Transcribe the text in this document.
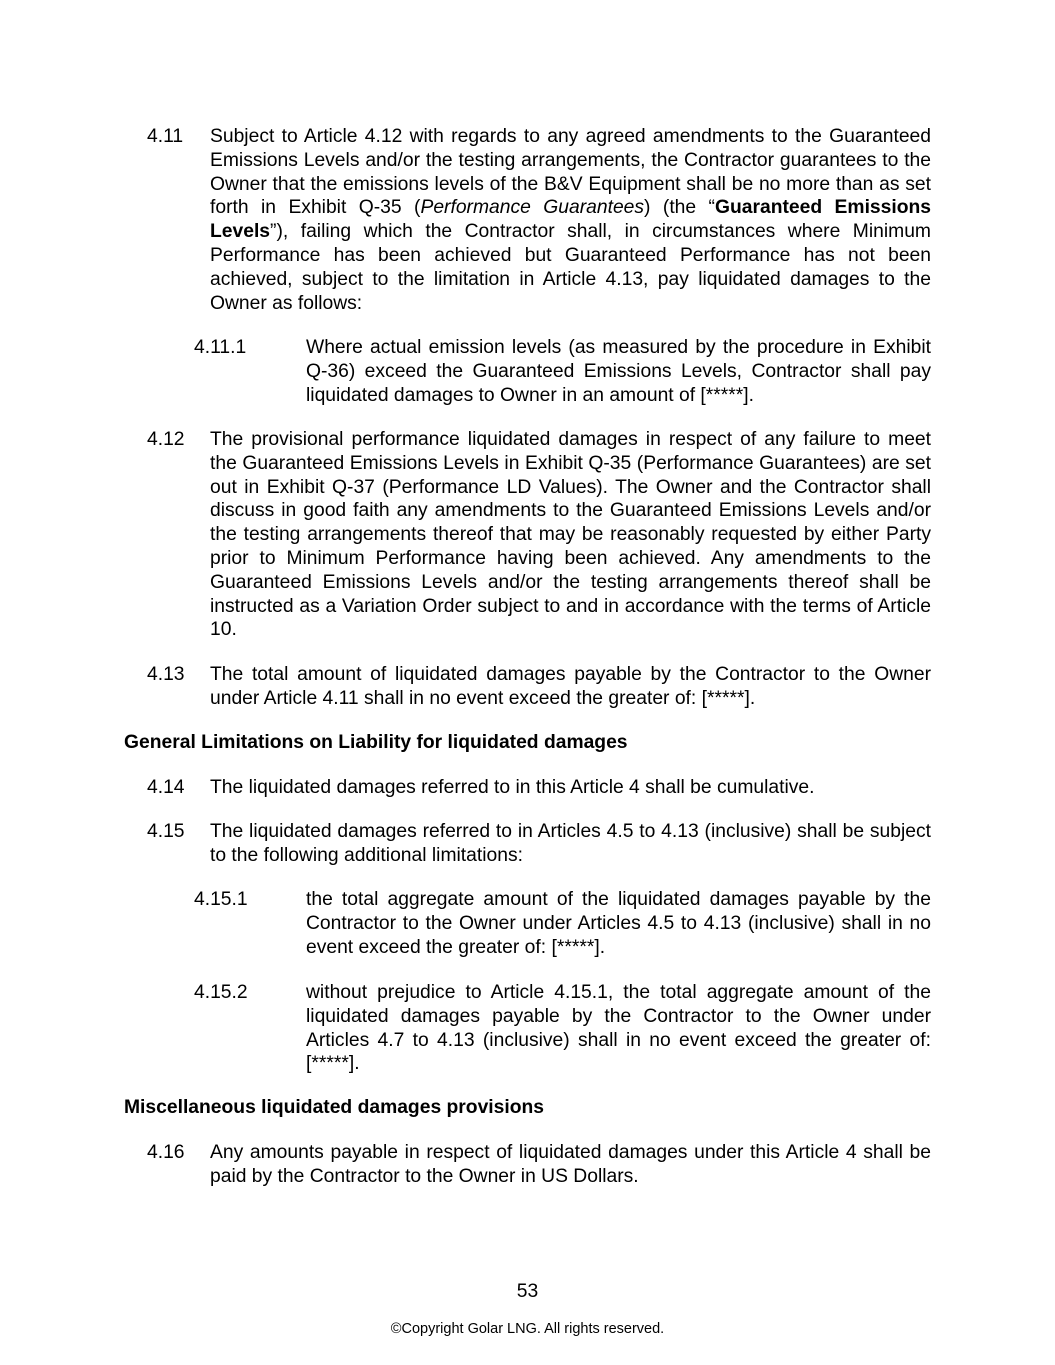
4.11 Subject to Article 4.12 with regards to any agreed amendments to the Guaranteed Emissions Levels and/or the testing arrangements, the Contractor guarantees to the Owner that the emissions levels of the B&V Equipment shall be no more than as set forth in Exhibit Q-35 (Performance Guarantees) (the “Guaranteed Emissions Levels”), failing which the Contractor shall, in circumstances where Minimum Performance has been achieved but Guaranteed Performance has not been achieved, subject to the limitation in Article 4.13, pay liquidated damages to the Owner as follows:
4.11.1	Where actual emission levels (as measured by the procedure in Exhibit Q-36) exceed the Guaranteed Emissions Levels, Contractor shall pay liquidated damages to Owner in an amount of [*****].
4.12 The provisional performance liquidated damages in respect of any failure to meet the Guaranteed Emissions Levels in Exhibit Q-35 (Performance Guarantees) are set out in Exhibit Q-37 (Performance LD Values). The Owner and the Contractor shall discuss in good faith any amendments to the Guaranteed Emissions Levels and/or the testing arrangements thereof that may be reasonably requested by either Party prior to Minimum Performance having been achieved. Any amendments to the Guaranteed Emissions Levels and/or the testing arrangements thereof shall be instructed as a Variation Order subject to and in accordance with the terms of Article 10.
4.13 The total amount of liquidated damages payable by the Contractor to the Owner under Article 4.11 shall in no event exceed the greater of: [*****].
General Limitations on Liability for liquidated damages
4.14 The liquidated damages referred to in this Article 4 shall be cumulative.
4.15 The liquidated damages referred to in Articles 4.5 to 4.13 (inclusive) shall be subject to the following additional limitations:
4.15.1	the total aggregate amount of the liquidated damages payable by the Contractor to the Owner under Articles 4.5 to 4.13 (inclusive) shall in no event exceed the greater of: [*****].
4.15.2	without prejudice to Article 4.15.1, the total aggregate amount of the liquidated damages payable by the Contractor to the Owner under Articles 4.7 to 4.13 (inclusive) shall in no event exceed the greater of: [*****].
Miscellaneous liquidated damages provisions
4.16 Any amounts payable in respect of liquidated damages under this Article 4 shall be paid by the Contractor to the Owner in US Dollars.
53
©Copyright Golar LNG. All rights reserved.
